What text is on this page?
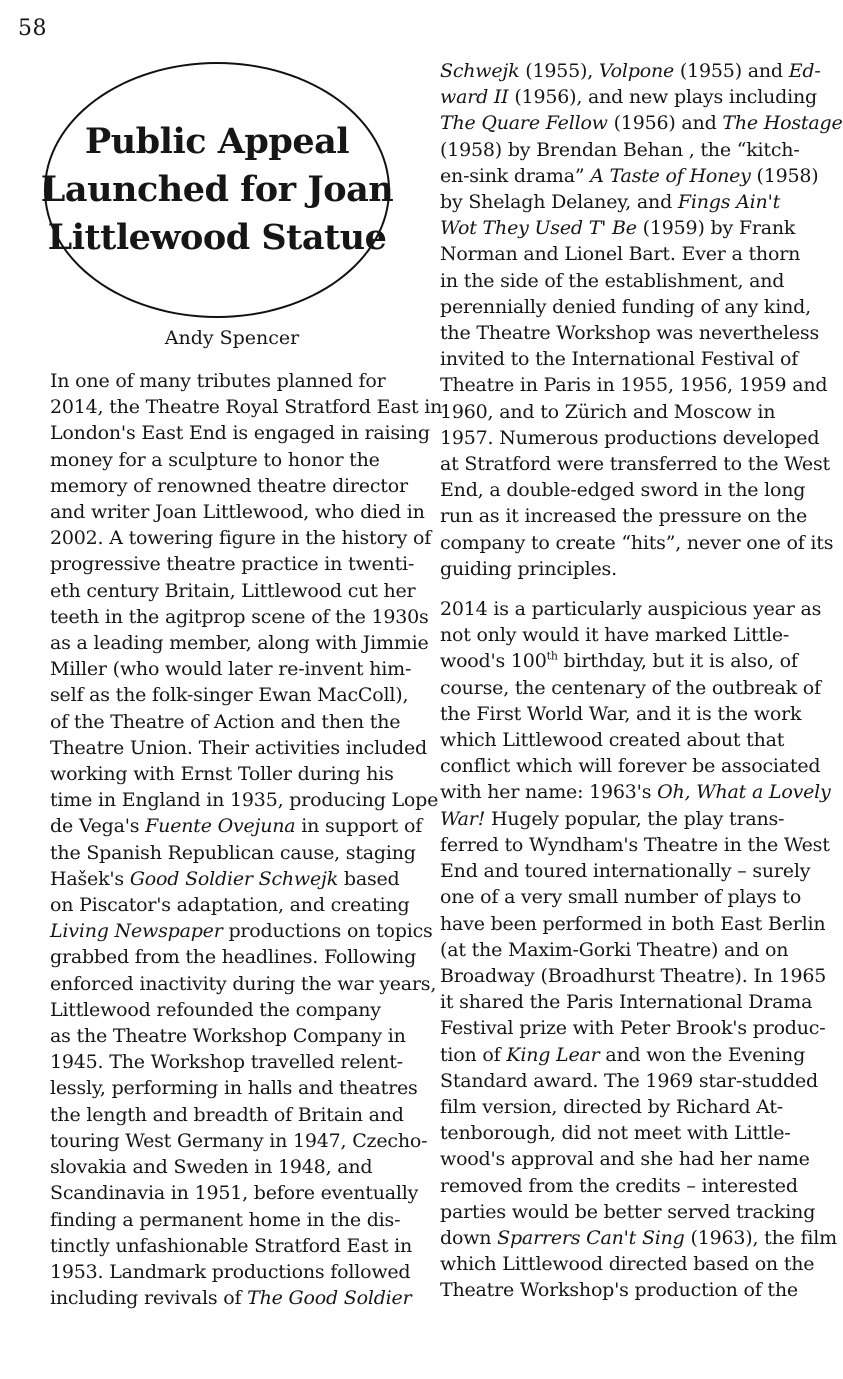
58
Public Appeal
Launched for Joan
Littlewood Statue
Andy Spencer

In one of many tributes planned for
2014, the Theatre Royal Stratford East in
London's East End is engaged in raising
money for a sculpture to honor the
memory of renowned theatre director
and writer Joan Littlewood, who died in
2002. A towering figure in the history of
progressive theatre practice in twenti-
eth century Britain, Littlewood cut her
teeth in the agitprop scene of the 1930s
as a leading member, along with Jimmie
Miller (who would later re-invent him-
self as the folk-singer Ewan MacColl),
of the Theatre of Action and then the
Theatre Union. Their activities included
working with Ernst Toller during his
time in England in 1935, producing Lope
de Vega's Fuente Ovejuna in support of
the Spanish Republican cause, staging
Hašek's Good Soldier Schwejk based
on Piscator's adaptation, and creating
Living Newspaper productions on topics
grabbed from the headlines. Following
enforced inactivity during the war years,
Littlewood refounded the company
as the Theatre Workshop Company in
1945. The Workshop travelled relent-
lessly, performing in halls and theatres
the length and breadth of Britain and
touring West Germany in 1947, Czecho-
slovakia and Sweden in 1948, and
Scandinavia in 1951, before eventually
finding a permanent home in the dis-
tinctly unfashionable Stratford East in
1953. Landmark productions followed
including revivals of The Good Soldier

Schwejk (1955), Volpone (1955) and Ed-
ward II (1956), and new plays including
The Quare Fellow (1956) and The Hostage
(1958) by Brendan Behan , the “kitch-
en-sink drama” A Taste of Honey (1958)
by Shelagh Delaney, and Fings Ain't
Wot They Used T' Be (1959) by Frank
Norman and Lionel Bart. Ever a thorn
in the side of the establishment, and
perennially denied funding of any kind,
the Theatre Workshop was nevertheless
invited to the International Festival of
Theatre in Paris in 1955, 1956, 1959 and
1960, and to Zürich and Moscow in
1957. Numerous productions developed
at Stratford were transferred to the West
End, a double-edged sword in the long
run as it increased the pressure on the
company to create “hits”, never one of its
guiding principles.

2014 is a particularly auspicious year as
not only would it have marked Little-
wood's 100th birthday, but it is also, of
course, the centenary of the outbreak of
the First World War, and it is the work
which Littlewood created about that
conflict which will forever be associated
with her name: 1963's Oh, What a Lovely
War! Hugely popular, the play trans-
ferred to Wyndham's Theatre in the West
End and toured internationally – surely
one of a very small number of plays to
have been performed in both East Berlin
(at the Maxim-Gorki Theatre) and on
Broadway (Broadhurst Theatre). In 1965
it shared the Paris International Drama
Festival prize with Peter Brook's produc-
tion of King Lear and won the Evening
Standard award. The 1969 star-studded
film version, directed by Richard At-
tenborough, did not meet with Little-
wood's approval and she had her name
removed from the credits – interested
parties would be better served tracking
down Sparrers Can't Sing (1963), the film
which Littlewood directed based on the
Theatre Workshop's production of the
